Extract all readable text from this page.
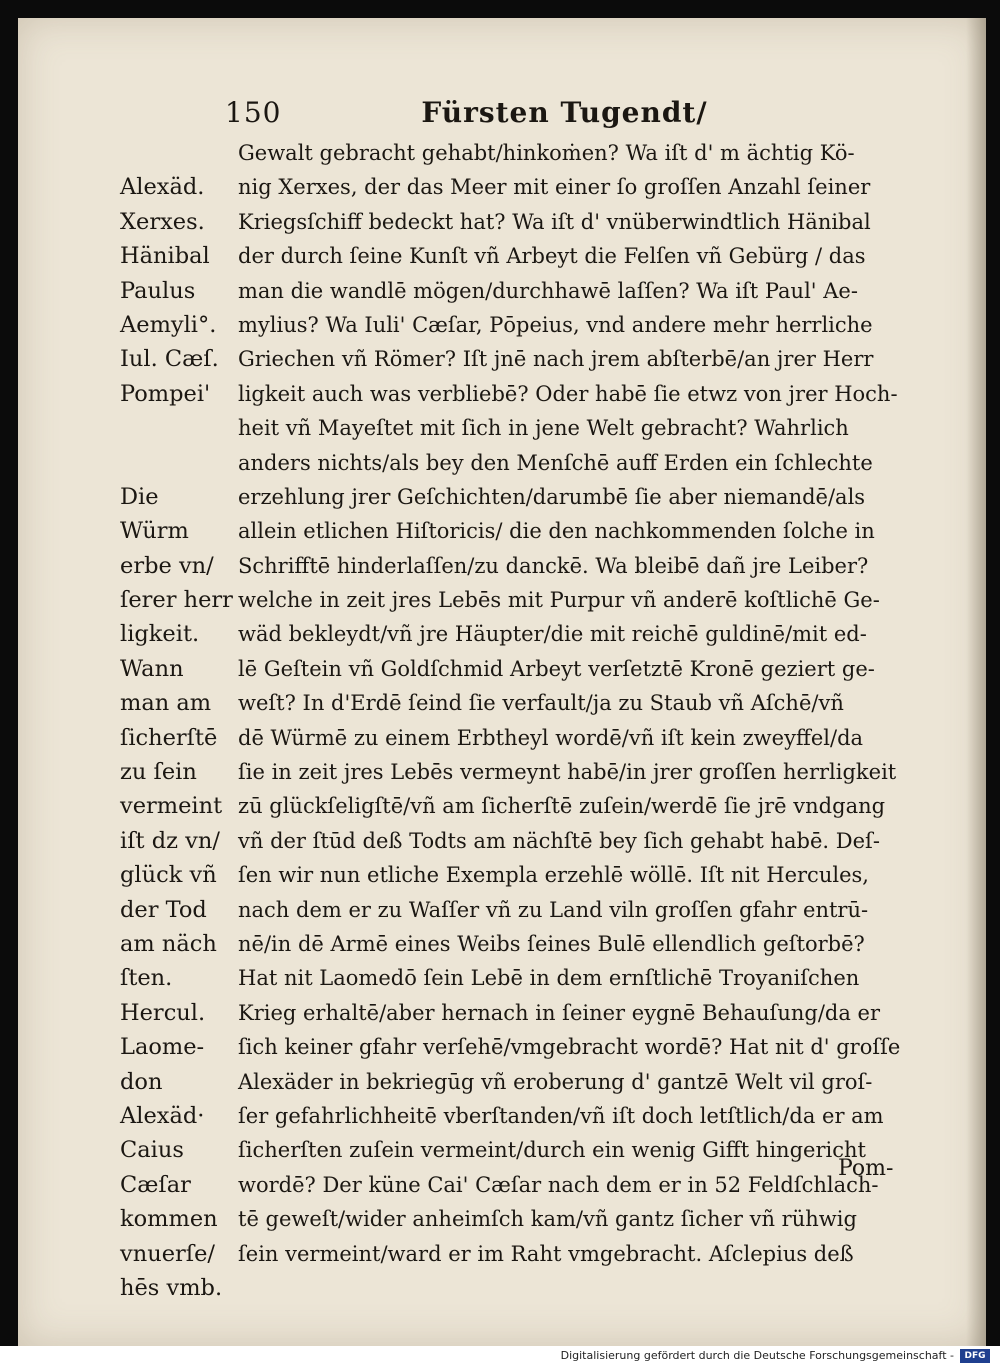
150	Fürsten Tugendt/
Alexäd.
Xerxes.
Hänibal
Paulus
Aemyli°.
Iul. Cæſ.
Pompei'
Die
Würm
erbe vn/
ſerer herr
ligkeit.
Wann
man am
ſicherſtē
zu ſein
vermeint
iſt dz vn/
glück vñ
der Tod
am näch
ſten.
Hercul.
Laome-
don
Alexäd·
Caius
Cæſar
kommen
vnuerſe/
hēs vmb.
Gewalt gebracht gehabt/hinkoṁen? Wa iſt d' m ächtig Kö-
nig Xerxes, der das Meer mit einer ſo groſſen Anzahl ſeiner
Kriegsſchiff bedeckt hat? Wa iſt d' vnüberwindtlich Hänibal
der durch ſeine Kunſt vñ Arbeyt die Felſen vñ Gebürg / das
man die wandlē mögen/durchhawē laſſen? Wa iſt Paul' Ae-
mylius? Wa Iuli' Cæſar, Pōpeius, vnd andere mehr herrliche
Griechen vñ Römer? Iſt jnē nach jrem abſterbē/an jrer Herr
ligkeit auch was verbliebē? Oder habē ſie etwz von jrer Hoch-
heit vñ Mayeſtet mit ſich in jene Welt gebracht? Wahrlich
anders nichts/als bey den Menſchē auff Erden ein ſchlechte
erzehlung jrer Geſchichten/darumbē ſie aber niemandē/als
allein etlichen Hiſtoricis/ die den nachkommenden ſolche in
Schrifftē hinderlaſſen/zu danckē. Wa bleibē dañ jre Leiber?
welche in zeit jres Lebēs mit Purpur vñ anderē koſtlichē Ge-
wäd bekleydt/vñ jre Häupter/die mit reichē guldinē/mit ed-
lē Geſtein vñ Goldſchmid Arbeyt verſetztē Kronē geziert ge-
weſt? In d'Erdē ſeind ſie verfault/ja zu Staub vñ Aſchē/vñ
dē Würmē zu einem Erbtheyl wordē/vñ iſt kein zweyffel/da
ſie in zeit jres Lebēs vermeynt habē/in jrer groſſen herrligkeit
zū glückſeligſtē/vñ am ſicherſtē zuſein/werdē ſie jrē vndgang
vñ der ſtūd deß Todts am nächſtē bey ſich gehabt habē. Deſ-
ſen wir nun etliche Exempla erzehlē wöllē. Iſt nit Hercules,
nach dem er zu Waſſer vñ zu Land viln groſſen gfahr entrū-
nē/in dē Armē eines Weibs ſeines Bulē ellendlich geſtorbē?
Hat nit Laomedō ſein Lebē in dem ernſtlichē Troyaniſchen
Krieg erhaltē/aber hernach in ſeiner eygnē Behauſung/da er
ſich keiner gfahr verſehē/vmgebracht wordē? Hat nit d' groſſe
Alexäder in bekriegūg vñ eroberung d' gantzē Welt vil groſ-
ſer gefahrlichheitē vberſtanden/vñ iſt doch letſtlich/da er am
ſicherſten zuſein vermeint/durch ein wenig Gifft hingericht
wordē? Der küne Cai' Cæſar nach dem er in 52 Feldſchlach-
tē geweſt/wider anheimſch kam/vñ gantz ſicher vñ rühwig
ſein vermeint/ward er im Raht vmgebracht. Aſclepius deß
Pom-
Digitalisierung gefördert durch die Deutsche Forschungsgemeinschaft -	DFG
